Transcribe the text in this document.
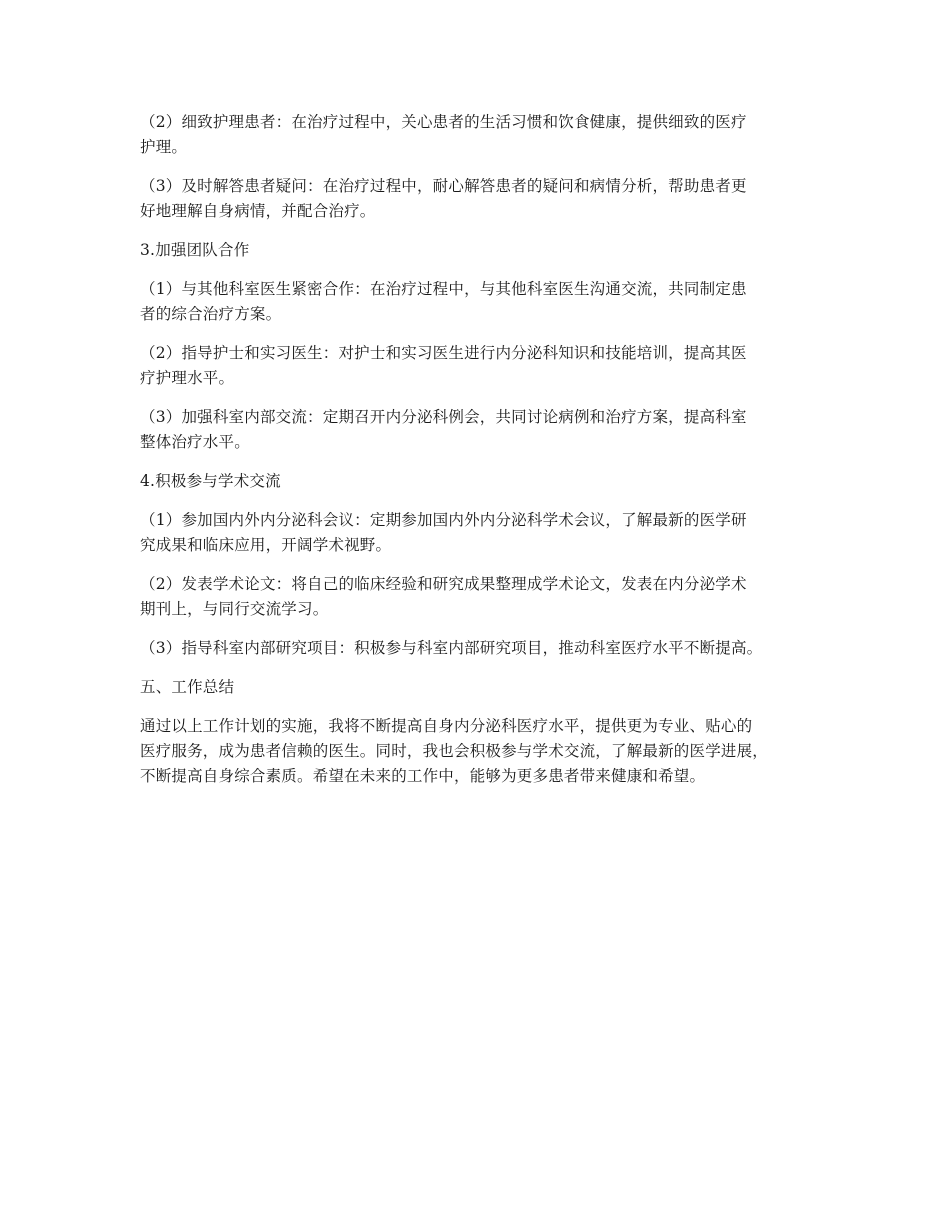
（2）细致护理患者：在治疗过程中，关心患者的生活习惯和饮食健康，提供细致的医疗
护理。

（3）及时解答患者疑问：在治疗过程中，耐心解答患者的疑问和病情分析，帮助患者更
好地理解自身病情，并配合治疗。

3.加强团队合作

（1）与其他科室医生紧密合作：在治疗过程中，与其他科室医生沟通交流，共同制定患
者的综合治疗方案。

（2）指导护士和实习医生：对护士和实习医生进行内分泌科知识和技能培训，提高其医
疗护理水平。

（3）加强科室内部交流：定期召开内分泌科例会，共同讨论病例和治疗方案，提高科室
整体治疗水平。

4.积极参与学术交流

（1）参加国内外内分泌科会议：定期参加国内外内分泌科学术会议，了解最新的医学研
究成果和临床应用，开阔学术视野。

（2）发表学术论文：将自己的临床经验和研究成果整理成学术论文，发表在内分泌学术
期刊上，与同行交流学习。

（3）指导科室内部研究项目：积极参与科室内部研究项目，推动科室医疗水平不断提高。

五、工作总结

通过以上工作计划的实施，我将不断提高自身内分泌科医疗水平，提供更为专业、贴心的
医疗服务，成为患者信赖的医生。同时，我也会积极参与学术交流，了解最新的医学进展，
不断提高自身综合素质。希望在未来的工作中，能够为更多患者带来健康和希望。
